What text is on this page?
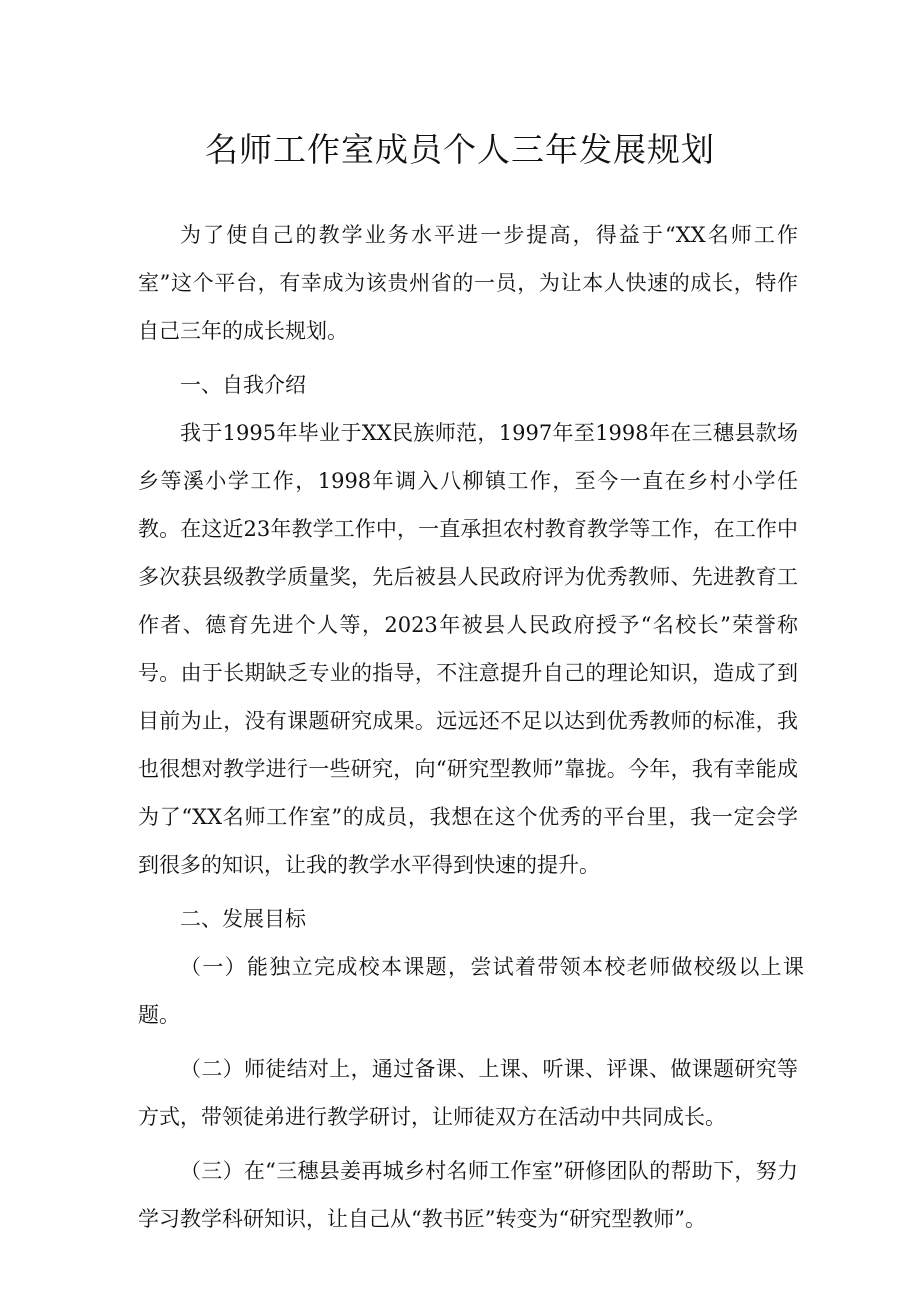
名师工作室成员个人三年发展规划

为了使自己的教学业务水平进一步提高，得益于“XX名师工作室”这个平台，有幸成为该贵州省的一员，为让本人快速的成长，特作自己三年的成长规划。

一、自我介绍

我于1995年毕业于XX民族师范，1997年至1998年在三穗县款场乡等溪小学工作，1998年调入八柳镇工作，至今一直在乡村小学任教。在这近23年教学工作中，一直承担农村教育教学等工作，在工作中多次获县级教学质量奖，先后被县人民政府评为优秀教师、先进教育工作者、德育先进个人等，2023年被县人民政府授予“名校长”荣誉称号。由于长期缺乏专业的指导，不注意提升自己的理论知识，造成了到目前为止，没有课题研究成果。远远还不足以达到优秀教师的标准，我也很想对教学进行一些研究，向“研究型教师”靠拢。今年，我有幸能成为了“XX名师工作室”的成员，我想在这个优秀的平台里，我一定会学到很多的知识，让我的教学水平得到快速的提升。

二、发展目标

（一）能独立完成校本课题，尝试着带领本校老师做校级以上课题。

（二）师徒结对上，通过备课、上课、听课、评课、做课题研究等方式，带领徒弟进行教学研讨，让师徒双方在活动中共同成长。

（三）在“三穗县姜再城乡村名师工作室”研修团队的帮助下，努力学习教学科研知识，让自己从“教书匠”转变为“研究型教师”。
